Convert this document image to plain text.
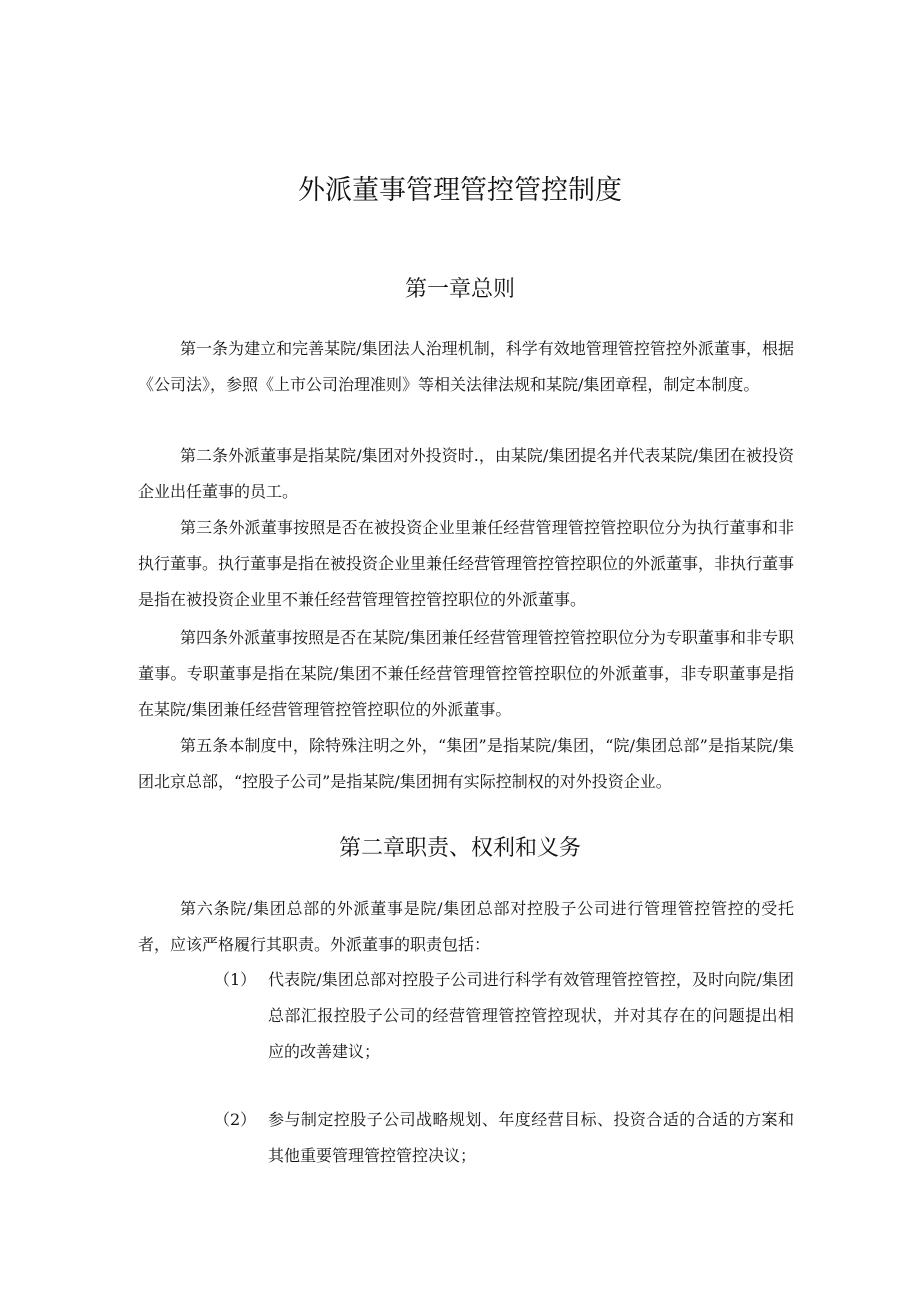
外派董事管理管控管控制度
第一章总则

第一条为建立和完善某院/集团法人治理机制，科学有效地管理管控管控外派董事，根据《公司法》，参照《上市公司治理准则》等相关法律法规和某院/集团章程，制定本制度。

第二条外派董事是指某院/集团对外投资时.，由某院/集团提名并代表某院/集团在被投资企业出任董事的员工。

第三条外派董事按照是否在被投资企业里兼任经营管理管控管控职位分为执行董事和非执行董事。执行董事是指在被投资企业里兼任经营管理管控管控职位的外派董事，非执行董事是指在被投资企业里不兼任经营管理管控管控职位的外派董事。

第四条外派董事按照是否在某院/集团兼任经营管理管控管控职位分为专职董事和非专职董事。专职董事是指在某院/集团不兼任经营管理管控管控职位的外派董事，非专职董事是指在某院/集团兼任经营管理管控管控职位的外派董事。

第五条本制度中，除特殊注明之外，“集团”是指某院/集团，“院/集团总部”是指某院/集团北京总部，“控股子公司”是指某院/集团拥有实际控制权的对外投资企业。

第二章职责、权利和义务

第六条院/集团总部的外派董事是院/集团总部对控股子公司进行管理管控管控的受托者，应该严格履行其职责。外派董事的职责包括：

（1） 代表院/集团总部对控股子公司进行科学有效管理管控管控，及时向院/集团总部汇报控股子公司的经营管理管控管控现状，并对其存在的问题提出相应的改善建议；
（2） 参与制定控股子公司战略规划、年度经营目标、投资合适的合适的方案和其他重要管理管控管控决议；
